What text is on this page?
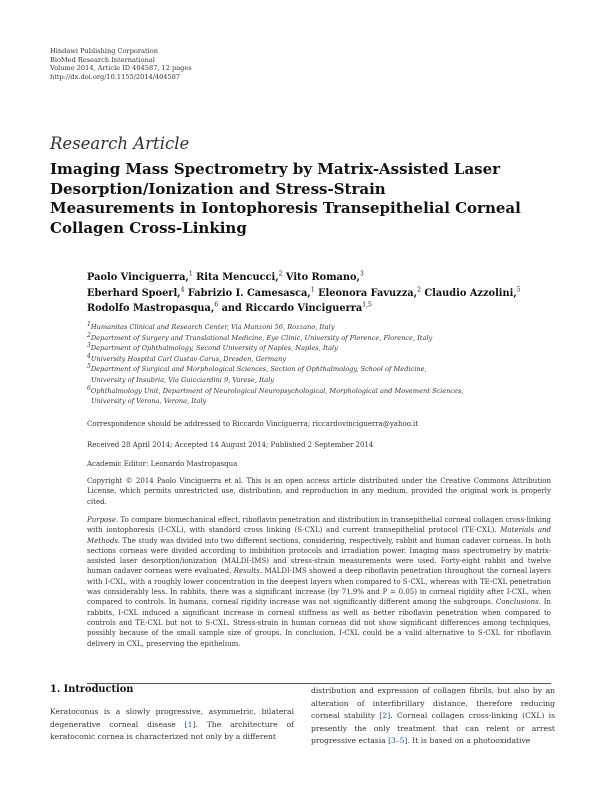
Hindawi Publishing Corporation
BioMed Research International
Volume 2014, Article ID 404587, 12 pages
http://dx.doi.org/10.1155/2014/404587
Research Article
Imaging Mass Spectrometry by Matrix-Assisted Laser
Desorption/Ionization and Stress-Strain
Measurements in Iontophoresis Transepithelial Corneal
Collagen Cross-Linking
Paolo Vinciguerra,$^1$ Rita Mencucci,$^2$ Vito Romano,$^3$
Eberhard Spoerl,$^4$ Fabrizio I. Camesasca,$^1$ Eleonora Favuzza,$^2$ Claudio Azzolini,$^5$
Rodolfo Mastropasqua,$^6$ and Riccardo Vinciguerra$^{1,5}$
$^1$Humanitas Clinical and Research Center, Via Manzoni 56, Rozzano, Italy
$^2$Department of Surgery and Translational Medicine, Eye Clinic, University of Florence, Florence, Italy
$^3$Department of Ophthalmology, Second University of Naples, Naples, Italy
$^4$University Hospital Carl Gustav Carus, Dresden, Germany
$^5$Department of Surgical and Morphological Sciences, Section of Ophthalmology, School of Medicine,
University of Insubria, Via Guicciardini 9, Varese, Italy
$^6$Ophthalmology Unit, Department of Neurological Neuropsychological, Morphological and Movement Sciences,
University of Verona, Verona, Italy
Correspondence should be addressed to Riccardo Vinciguerra; riccardovinciguerra@yahoo.it
Received 28 April 2014; Accepted 14 August 2014; Published 2 September 2014
Academic Editor: Leonardo Mastropasqua
Copyright © 2014 Paolo Vinciguerra et al. This is an open access article distributed under the Creative Commons Attribution License, which permits unrestricted use, distribution, and reproduction in any medium, provided the original work is properly cited.
Purpose. To compare biomechanical effect, riboflavin penetration and distribution in transepithelial corneal collagen cross-linking with iontophoresis (I-CXL), with standard cross linking (S-CXL) and current transepithelial protocol (TE-CXL). Materials and Methods. The study was divided into two different sections, considering, respectively, rabbit and human cadaver corneas. In both sections corneas were divided according to imbibition protocols and irradiation power. Imaging mass spectrometry by matrix-assisted laser desorption/ionization (MALDI-IMS) and stress-strain measurements were used. Forty-eight rabbit and twelve human cadaver corneas were evaluated. Results. MALDI-IMS showed a deep riboflavin penetration throughout the corneal layers with I-CXL, with a roughly lower concentration in the deepest layers when compared to S-CXL, whereas with TE-CXL penetration was considerably less. In rabbits, there was a significant increase (by 71.9% and P = 0.05) in corneal rigidity after I-CXL, when compared to controls. In humans, corneal rigidity increase was not significantly different among the subgroups. Conclusions. In rabbits, I-CXL induced a significant increase in corneal stiffness as well as better riboflavin penetration when compared to controls and TE-CXL but not to S-CXL. Stress-strain in human corneas did not show significant differences among techniques, possibly because of the small sample size of groups. In conclusion, I-CXL could be a valid alternative to S-CXL for riboflavin delivery in CXL, preserving the epithelium.
1. Introduction
Keratoconus is a slowly progressive, asymmetric, bilateral degenerative corneal disease [1]. The architecture of keratoconic cornea is characterized not only by a different
distribution and expression of collagen fibrils, but also by an alteration of interfibrillary distance, therefore reducing corneal stability [2]. Corneal collagen cross-linking (CXL) is presently the only treatment that can relent or arrest progressive ectasia [3–5]. It is based on a photooxidative
